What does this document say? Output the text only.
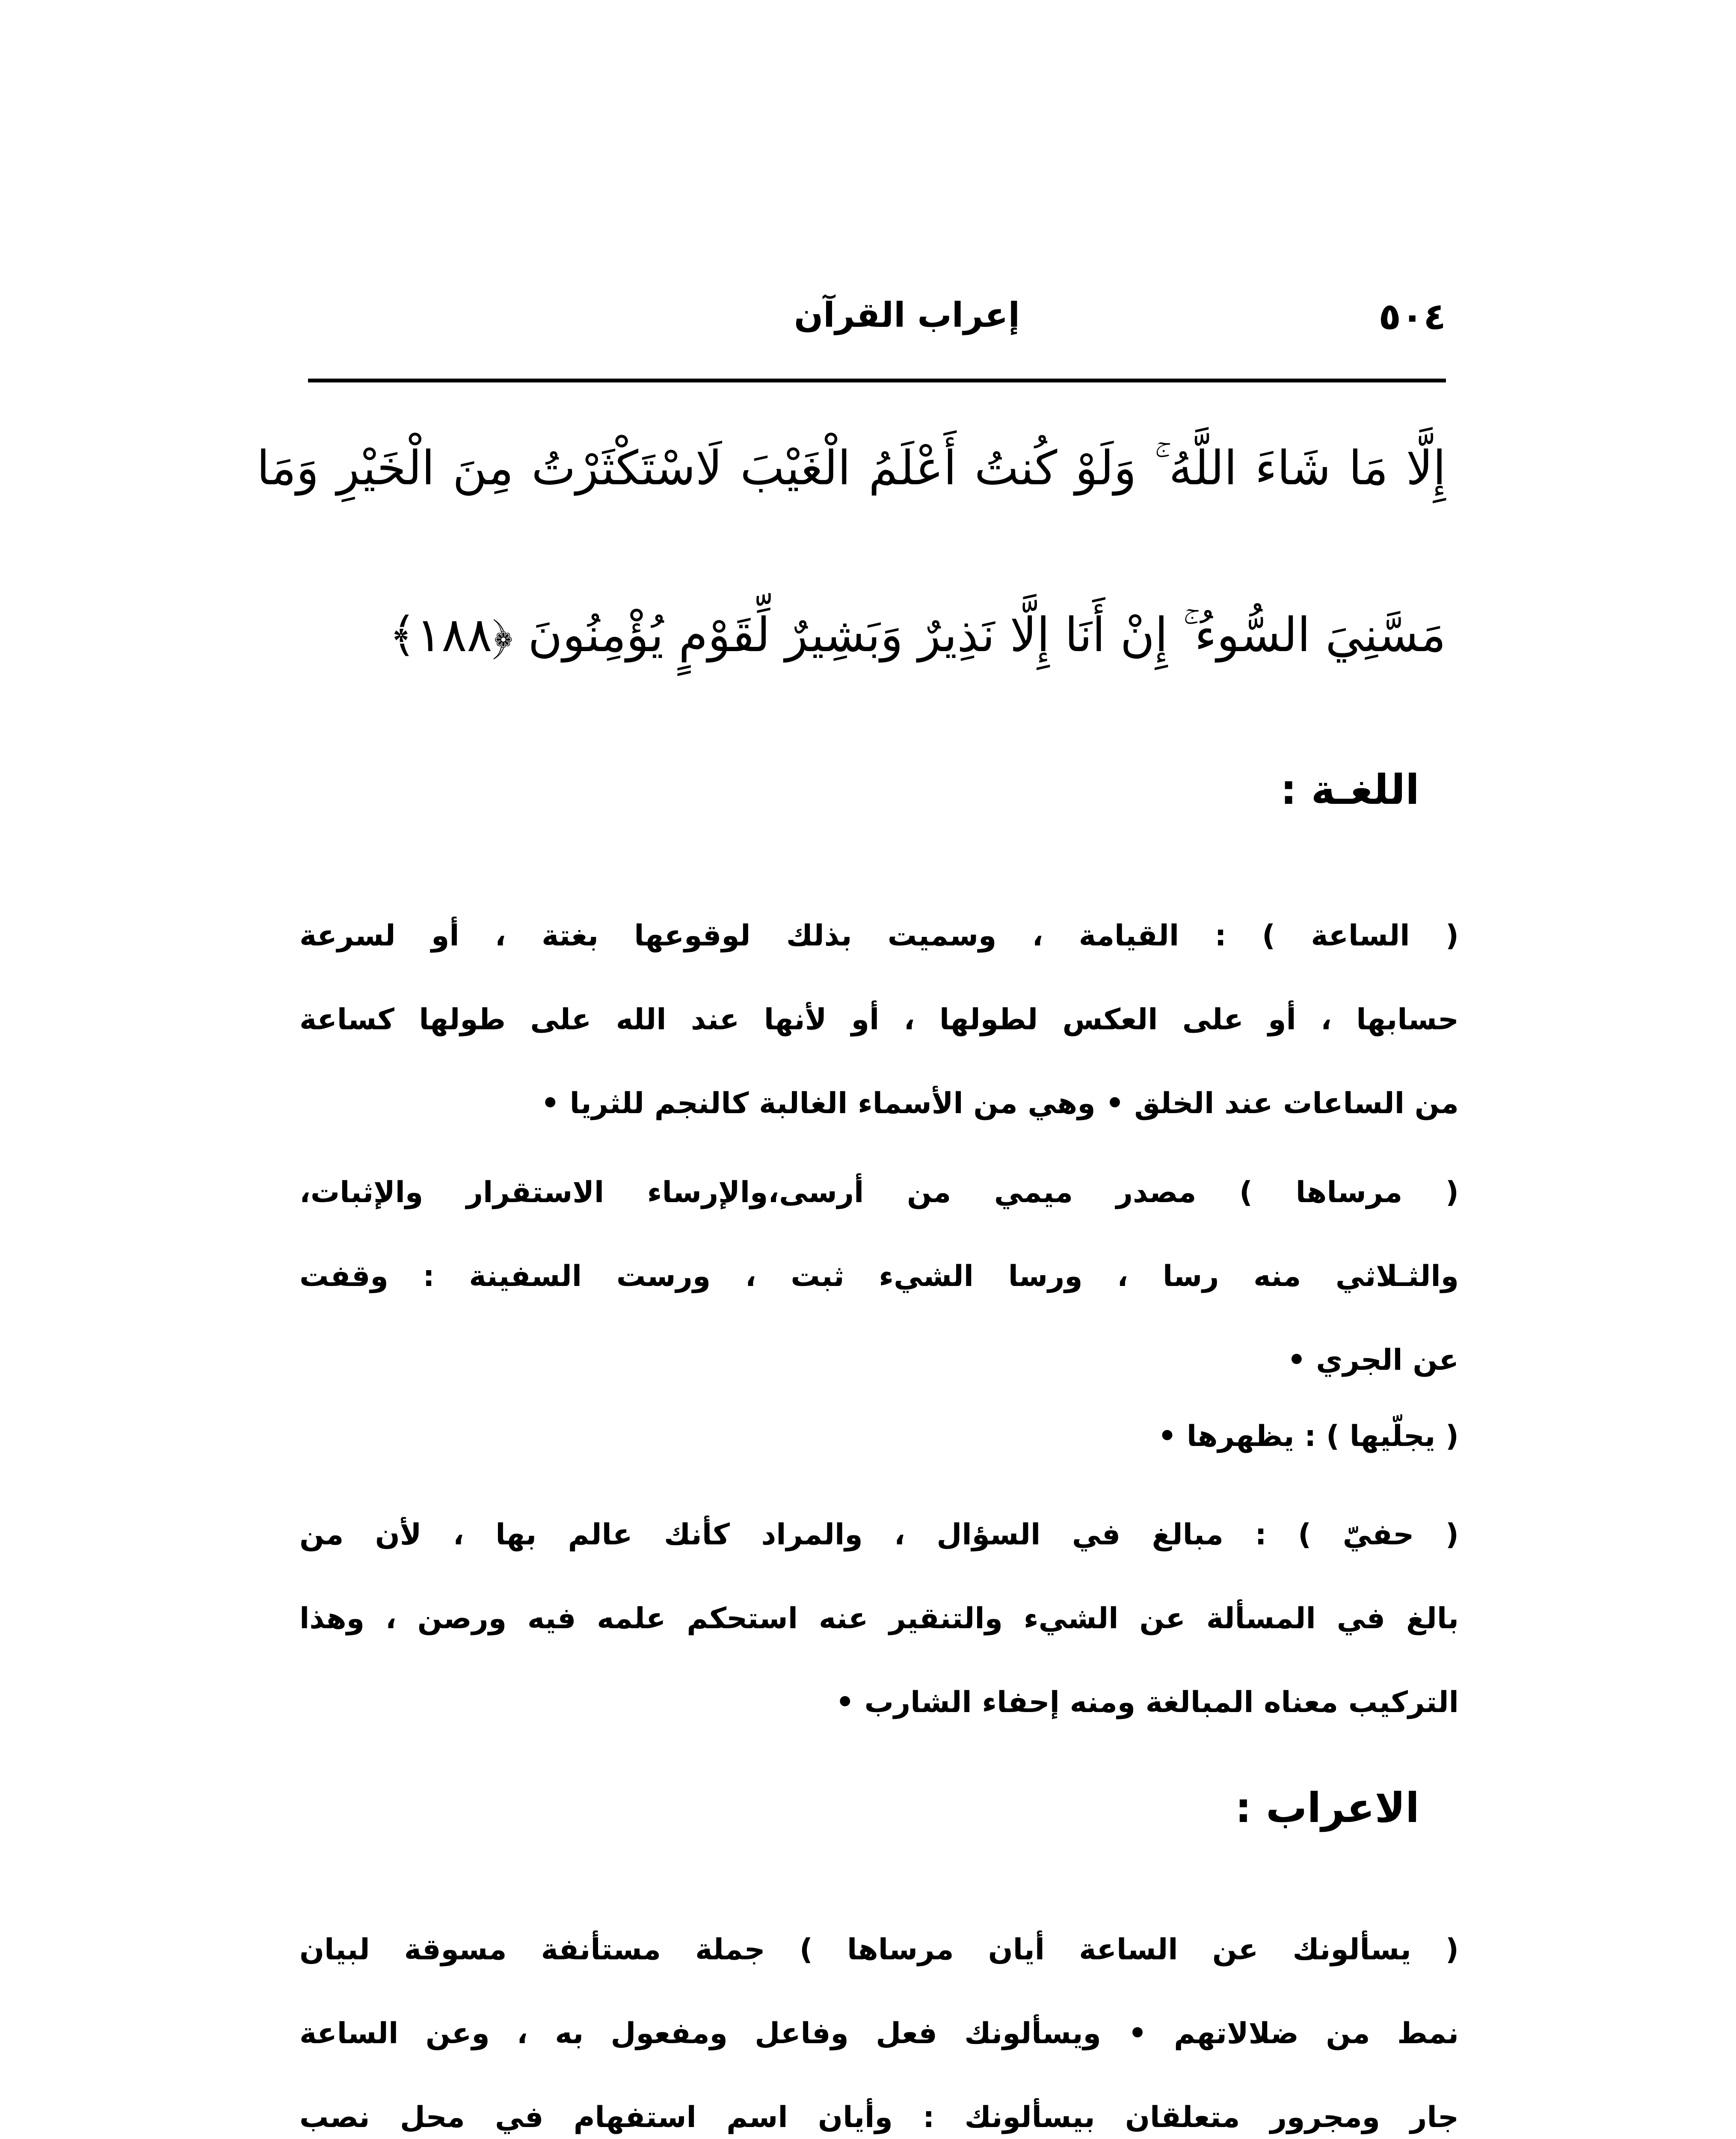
٥٠٤
إعراب القرآن
إِلَّا مَا شَاءَ اللَّهُ ۚ وَلَوْ كُنتُ أَعْلَمُ الْغَيْبَ لَاسْتَكْثَرْتُ مِنَ الْخَيْرِ وَمَا
مَسَّنِيَ السُّوءُ ۚ إِنْ أَنَا إِلَّا نَذِيرٌ وَبَشِيرٌ لِّقَوْمٍ يُؤْمِنُونَ ﴿١٨٨﴾
اللغـة :
( الساعة ) : القيامة ، وسميت بذلك لوقوعها بغتة ، أو لسرعة
حسابها ، أو على العكس لطولها ، أو لأنها عند الله على طولها كساعة
من الساعات عند الخلق • وهي من الأسماء الغالبة كالنجم للثريا •
( مرساها ) مصدر ميمي من أرسى،والإرساء الاستقرار والإثبات،
والثـلاثي منه رسا ، ورسا الشيء ثبت ، ورست السفينة : وقفت
عن الجري •
( يجلّيها ) : يظهرها •
( حفيّ ) : مبالغ في السؤال ، والمراد كأنك عالم بها ، لأن من
بالغ في المسألة عن الشيء والتنقير عنه استحكم علمه فيه ورصن ، وهذا
التركيب معناه المبالغة ومنه إحفاء الشارب •
الاعراب :
( يسألونك عن الساعة أيان مرساها ) جملة مستأنفة مسوقة لبيان
نمط من ضلالاتهم • ويسألونك فعل وفاعل ومفعول به ، وعن الساعة
جار ومجرور متعلقان بيسألونك : وأيان اسم استفهام في محل نصب
